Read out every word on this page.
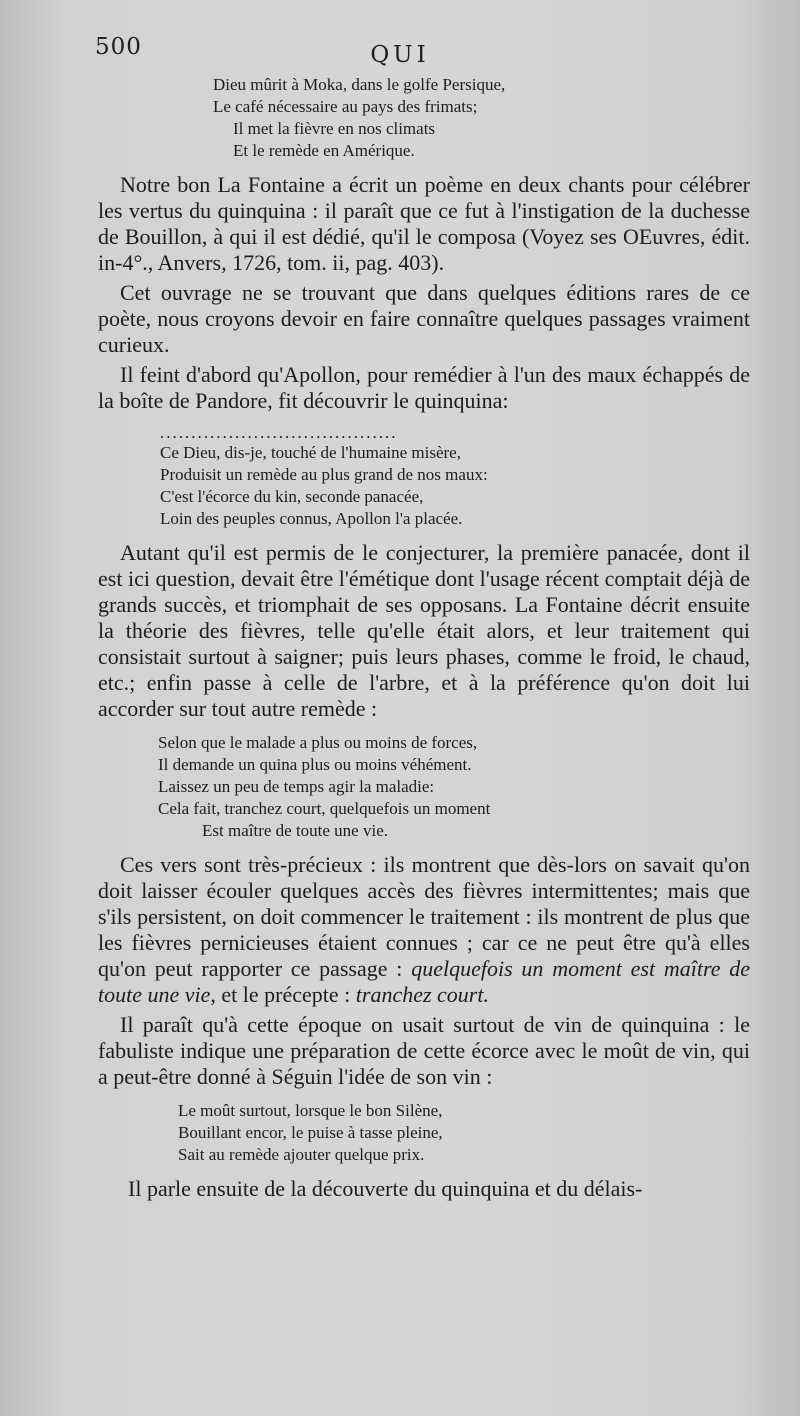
500	QUI
Dieu mûrit à Moka, dans le golfe Persique,
Le café nécessaire au pays des frimats;
Il met la fièvre en nos climats
Et le remède en Amérique.

Notre bon La Fontaine a écrit un poème en deux chants pour célébrer les vertus du quinquina : il paraît que ce fut à l'instigation de la duchesse de Bouillon, à qui il est dédié, qu'il le composa (Voyez ses OEuvres, édit. in-4°., Anvers, 1726, tom. ii, pag. 403).

Cet ouvrage ne se trouvant que dans quelques éditions rares de ce poète, nous croyons devoir en faire connaître quelques passages vraiment curieux.

Il feint d'abord qu'Apollon, pour remédier à l'un des maux échappés de la boîte de Pandore, fit découvrir le quinquina:

......................................
Ce Dieu, dis-je, touché de l'humaine misère,
Produisit un remède au plus grand de nos maux:
C'est l'écorce du kin, seconde panacée,
Loin des peuples connus, Apollon l'a placée.

Autant qu'il est permis de le conjecturer, la première panacée, dont il est ici question, devait être l'émétique dont l'usage récent comptait déjà de grands succès, et triomphait de ses opposans. La Fontaine décrit ensuite la théorie des fièvres, telle qu'elle était alors, et leur traitement qui consistait surtout à saigner; puis leurs phases, comme le froid, le chaud, etc.; enfin passe à celle de l'arbre, et à la préférence qu'on doit lui accorder sur tout autre remède :

Selon que le malade a plus ou moins de forces,
Il demande un quina plus ou moins véhément.
Laissez un peu de temps agir la maladie:
Cela fait, tranchez court, quelquefois un moment
Est maître de toute une vie.

Ces vers sont très-précieux : ils montrent que dès-lors on savait qu'on doit laisser écouler quelques accès des fièvres intermittentes; mais que s'ils persistent, on doit commencer le traitement : ils montrent de plus que les fièvres pernicieuses étaient connues ; car ce ne peut être qu'à elles qu'on peut rapporter ce passage : quelquefois un moment est maître de toute une vie, et le précepte : tranchez court.

Il paraît qu'à cette époque on usait surtout de vin de quinquina : le fabuliste indique une préparation de cette écorce avec le moût de vin, qui a peut-être donné à Séguin l'idée de son vin :

Le moût surtout, lorsque le bon Silène,
Bouillant encor, le puise à tasse pleine,
Sait au remède ajouter quelque prix.

Il parle ensuite de la découverte du quinquina et du délais-
